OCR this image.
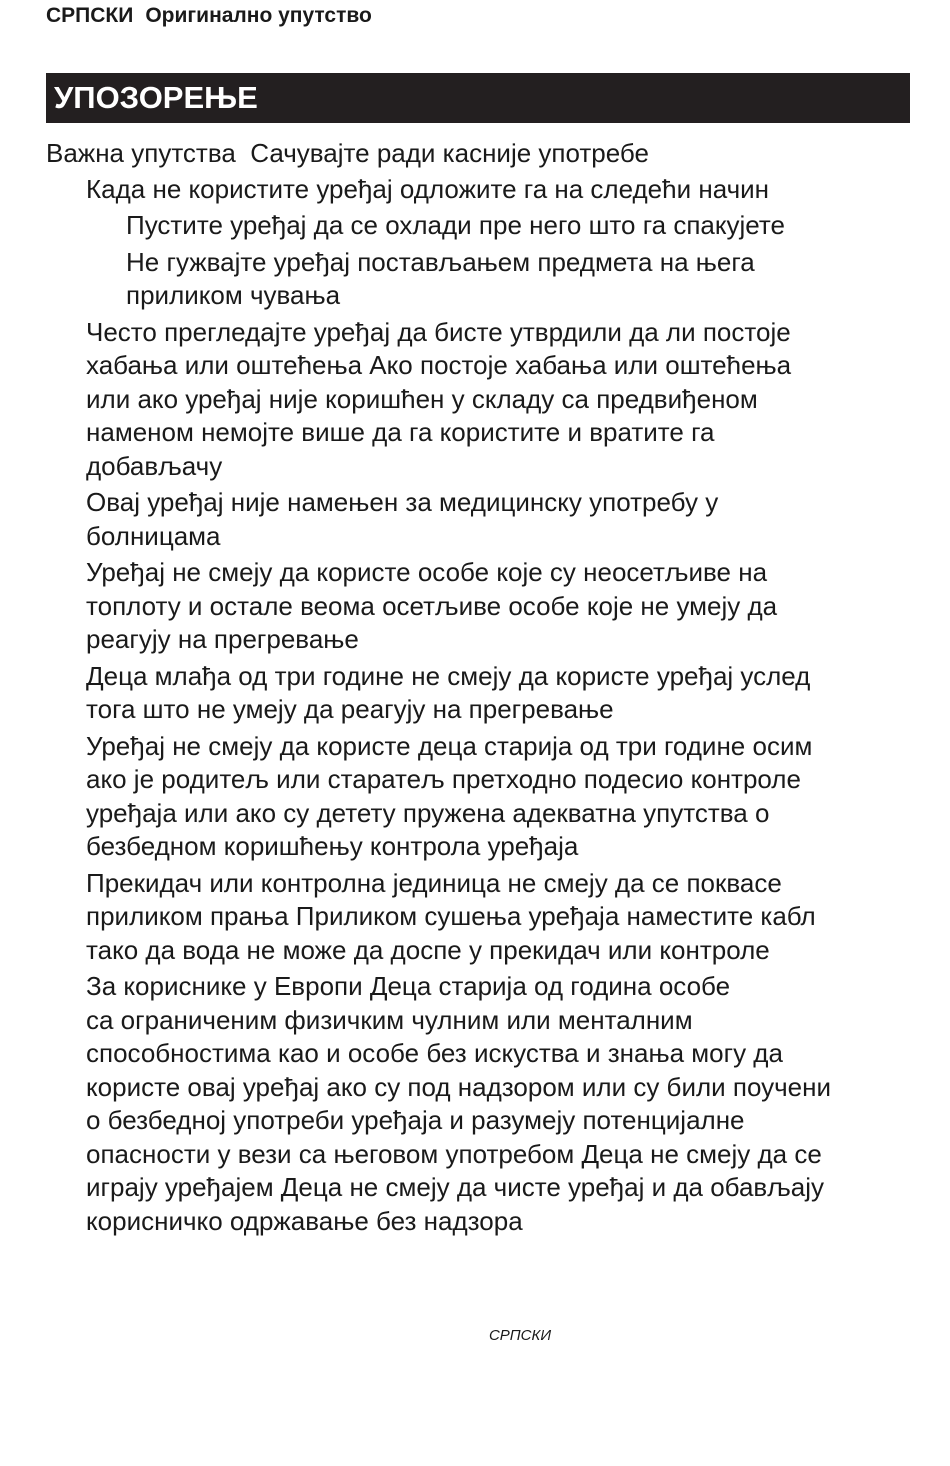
СРПСКИ Оригинално упутство
УПОЗОРЕЊЕ
Важна упутства  Сачувајте ради касније употребе
Када не користите уређај одложите га на следећи начин
Пустите уређај да се охлади пре него што га спакујете
Не гужвајте уређај постављањем предмета на њега
приликом чувања
Често прегледајте уређај да бисте утврдили да ли постоје
хабања или оштећења Ако постоје хабања или оштећења
или ако уређај није коришћен у складу са предвиђеном
наменом немојте више да га користите и вратите га
добављачу
Овај уређај није намењен за медицинску употребу у
болницама
Уређај не смеју да користе особе које су неосетљиве на
топлоту и остале веома осетљиве особе које не умеју да
реагују на прегревање
Деца млађа од три године не смеју да користе уређај услед
тога што не умеју да реагују на прегревање
Уређај не смеју да користе деца старија од три године осим
ако је родитељ или старатељ претходно подесио контроле
уређаја или ако су детету пружена адекватна упутства о
безбедном коришћењу контрола уређаја
Прекидач или контролна јединица не смеју да се поквасе
приликом прања Приликом сушења уређаја наместите кабл
тако да вода не може да доспе у прекидач или контроле
За кориснике у Европи Деца старија од година особе
са ограниченим физичким чулним или менталним
способностима као и особе без искуства и знања могу да
користе овај уређај ако су под надзором или су били поучени
о безбедној употреби уређаја и разумеју потенцијалне
опасности у вези са његовом употребом Деца не смеју да се
играју уређајем Деца не смеју да чисте уређај и да обављају
корисничко одржавање без надзора
СРПСКИ
